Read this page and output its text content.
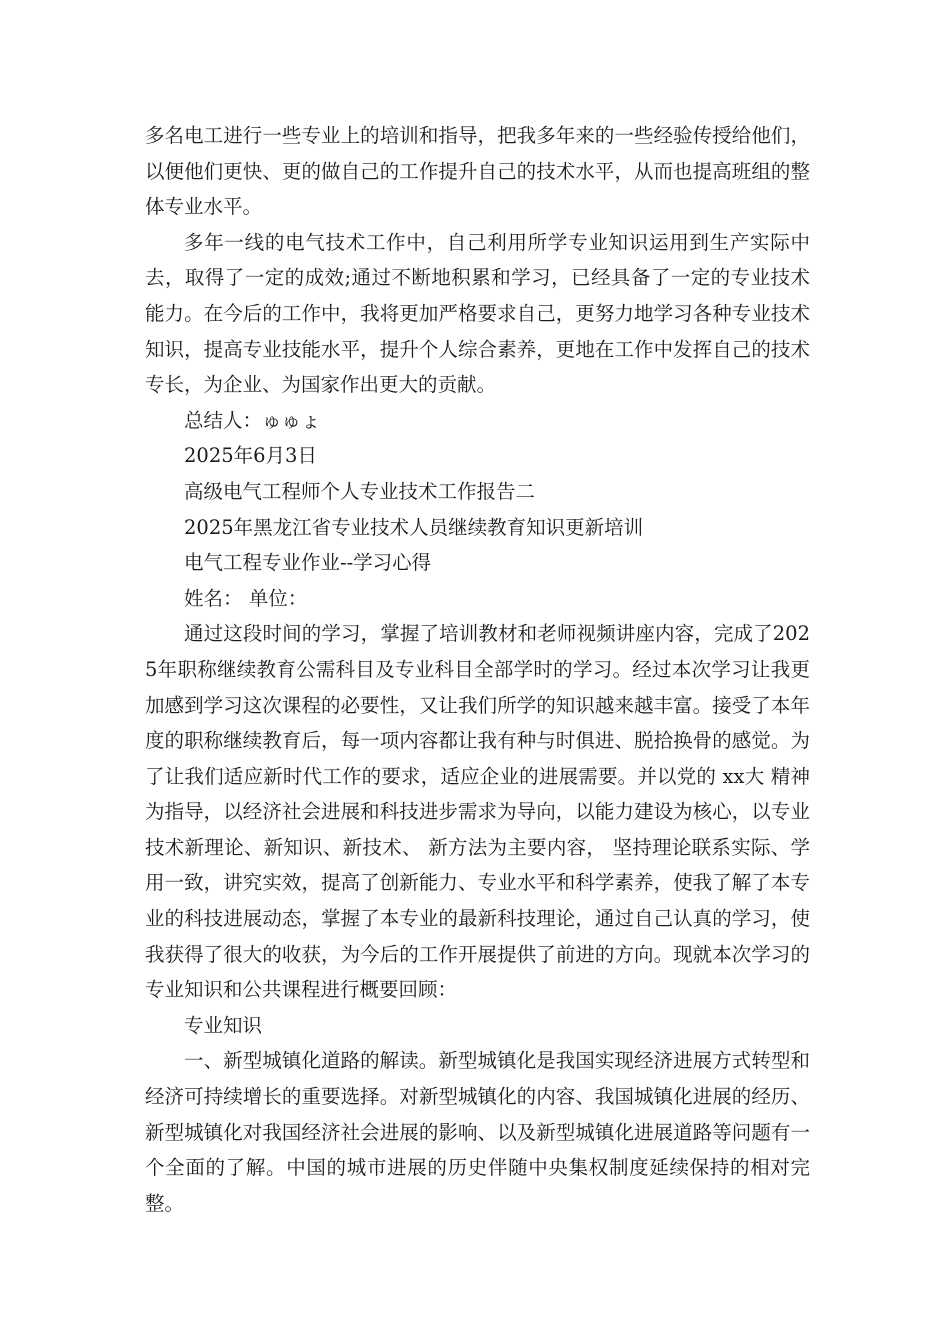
多名电工进行一些专业上的培训和指导，把我多年来的一些经验传授给他们，以便他们更快、更的做自己的工作提升自己的技术水平，从而也提高班组的整体专业水平。

多年一线的电气技术工作中，自己利用所学专业知识运用到生产实际中去，取得了一定的成效;通过不断地积累和学习，已经具备了一定的专业技术能力。在今后的工作中，我将更加严格要求自己，更努力地学习各种专业技术知识，提高专业技能水平，提升个人综合素养，更地在工作中发挥自己的技术专长，为企业、为国家作出更大的贡献。

总结人：ゅゅょ

2025年6月3日

高级电气工程师个人专业技术工作报告二

2025年黑龙江省专业技术人员继续教育知识更新培训

电气工程专业作业--学习心得

姓名： 单位：

通过这段时间的学习，掌握了培训教材和老师视频讲座内容，完成了2025年职称继续教育公需科目及专业科目全部学时的学习。经过本次学习让我更加感到学习这次课程的必要性，又让我们所学的知识越来越丰富。接受了本年度的职称继续教育后，每一项内容都让我有种与时俱进、脱拾换骨的感觉。为了让我们适应新时代工作的要求，适应企业的进展需要。并以党的 xx大 精神为指导，以经济社会进展和科技进步需求为导向，以能力建设为核心，以专业技术新理论、新知识、新技术、 新方法为主要内容， 坚持理论联系实际、学用一致，讲究实效，提高了创新能力、专业水平和科学素养，使我了解了本专业的科技进展动态，掌握了本专业的最新科技理论，通过自己认真的学习，使我获得了很大的收获，为今后的工作开展提供了前进的方向。现就本次学习的专业知识和公共课程进行概要回顾：

专业知识

一、新型城镇化道路的解读。新型城镇化是我国实现经济进展方式转型和经济可持续增长的重要选择。对新型城镇化的内容、我国城镇化进展的经历、新型城镇化对我国经济社会进展的影响、以及新型城镇化进展道路等问题有一个全面的了解。中国的城市进展的历史伴随中央集权制度延续保持的相对完整。
